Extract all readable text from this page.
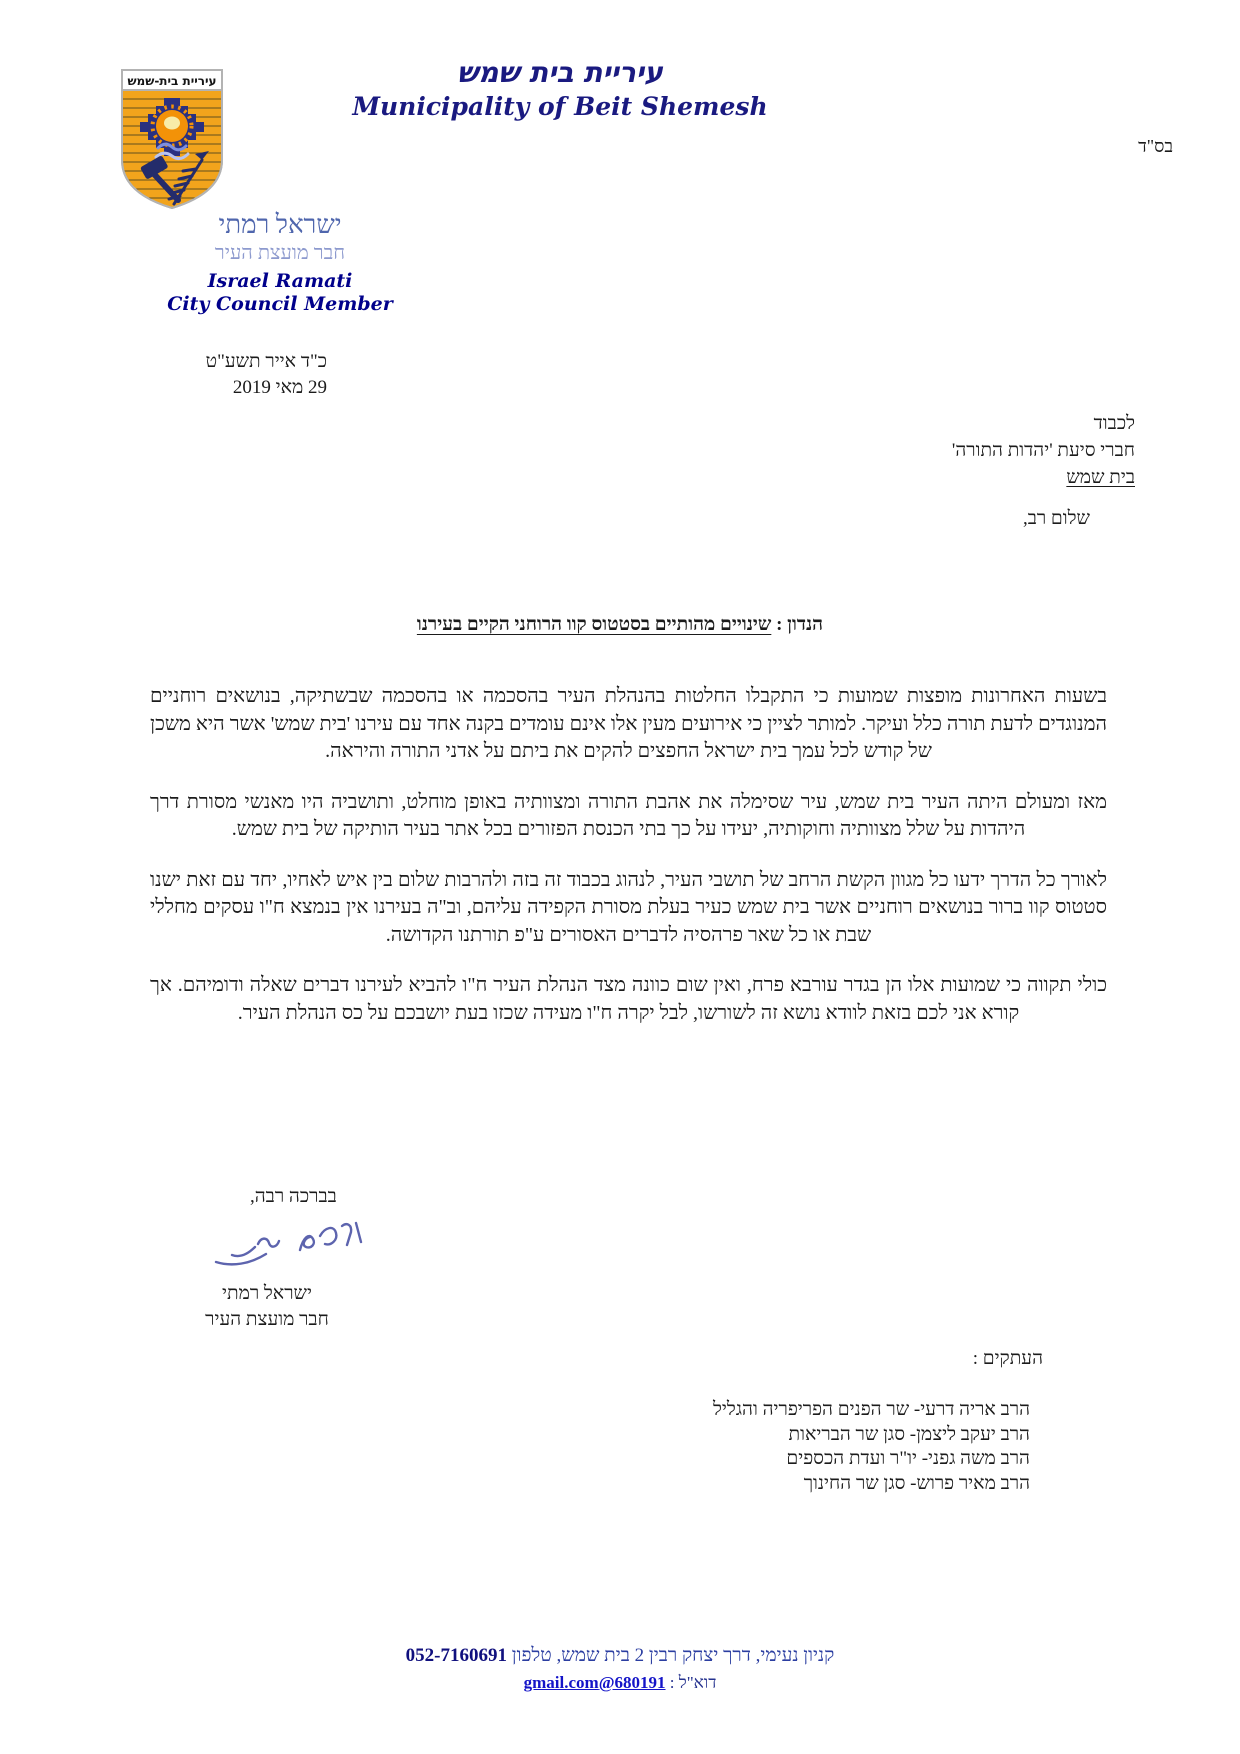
בס"ד
עיריית בית-שמש	עיריית בית שמש
Municipality of Beit Shemesh
ישראל רמתי
חבר מועצת העיר
Israel Ramati
City Council Member
כ"ד אייר תשע"ט
29 מאי 2019
לכבוד
חברי סיעת 'יהדות התורה'
בית שמש
שלום רב,
הנדון : שינויים מהותיים בסטטוס קוו הרוחני הקיים בעירנו

בשעות האחרונות מופצות שמועות כי התקבלו החלטות בהנהלת העיר בהסכמה או בהסכמה שבשתיקה, בנושאים רוחניים המנוגדים לדעת תורה כלל ועיקר. למותר לציין כי אירועים מעין אלו אינם עומדים בקנה אחד עם עירנו 'בית שמש' אשר היא משכן של קודש לכל עמך בית ישראל החפצים להקים את ביתם על אדני התורה והיראה.

מאז ומעולם היתה העיר בית שמש, עיר שסימלה את אהבת התורה ומצוותיה באופן מוחלט, ותושביה היו מאנשי מסורת דרך היהדות על שלל מצוותיה וחוקותיה, יעידו על כך בתי הכנסת הפזורים בכל אתר בעיר הותיקה של בית שמש.

לאורך כל הדרך ידעו כל מגוון הקשת הרחב של תושבי העיר, לנהוג בכבוד זה בזה ולהרבות שלום בין איש לאחיו, יחד עם זאת ישנו סטטוס קוו ברור בנושאים רוחניים אשר בית שמש כעיר בעלת מסורת הקפידה עליהם, וב"ה בעירנו אין בנמצא ח"ו עסקים מחללי שבת או כל שאר פרהסיה לדברים האסורים ע"פ תורתנו הקדושה.

כולי תקווה כי שמועות אלו הן בגדר עורבא פרח, ואין שום כוונה מצד הנהלת העיר ח"ו להביא לעירנו דברים שאלה ודומיהם. אך קורא אני לכם בזאת לוודא נושא זה לשורשו, לבל יקרה ח"ו מעידה שכזו בעת יושבכם על כס הנהלת העיר.

בברכה רבה,
ישראל רמתי
חבר מועצת העיר
העתקים :
הרב אריה דרעי- שר הפנים הפריפריה והגליל
הרב יעקב ליצמן- סגן שר הבריאות
הרב משה גפני- יו"ר ועדת הכספים
הרב מאיר פרוש- סגן שר החינוך
קניון נעימי, דרך יצחק רבין 2 בית שמש, טלפון 052-7160691
דוא"ל : 680191@gmail.com
